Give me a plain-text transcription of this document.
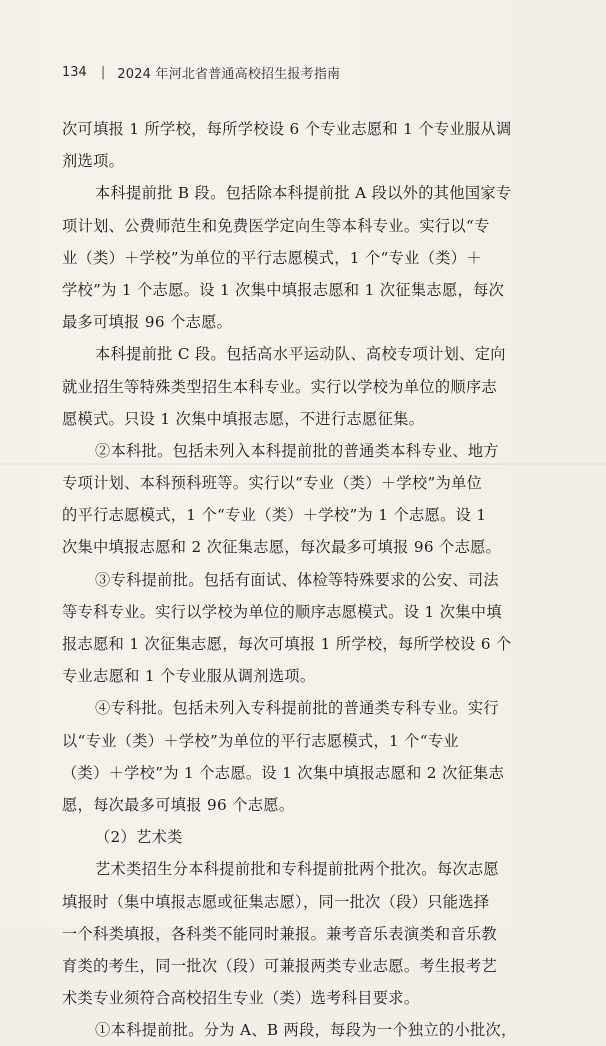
134 | 2024 年河北省普通高校招生报考指南
次可填报 1 所学校，每所学校设 6 个专业志愿和 1 个专业服从调
剂选项。
本科提前批 B 段。包括除本科提前批 A 段以外的其他国家专
项计划、公费师范生和免费医学定向生等本科专业。实行以“专
业（类）＋学校”为单位的平行志愿模式，1 个“专业（类）＋
学校”为 1 个志愿。设 1 次集中填报志愿和 1 次征集志愿，每次
最多可填报 96 个志愿。
本科提前批 C 段。包括高水平运动队、高校专项计划、定向
就业招生等特殊类型招生本科专业。实行以学校为单位的顺序志
愿模式。只设 1 次集中填报志愿，不进行志愿征集。
②本科批。包括未列入本科提前批的普通类本科专业、地方
专项计划、本科预科班等。实行以“专业（类）＋学校”为单位
的平行志愿模式，1 个“专业（类）＋学校”为 1 个志愿。设 1
次集中填报志愿和 2 次征集志愿，每次最多可填报 96 个志愿。
③专科提前批。包括有面试、体检等特殊要求的公安、司法
等专科专业。实行以学校为单位的顺序志愿模式。设 1 次集中填
报志愿和 1 次征集志愿，每次可填报 1 所学校，每所学校设 6 个
专业志愿和 1 个专业服从调剂选项。
④专科批。包括未列入专科提前批的普通类专科专业。实行
以“专业（类）＋学校”为单位的平行志愿模式，1 个“专业
（类）＋学校”为 1 个志愿。设 1 次集中填报志愿和 2 次征集志
愿，每次最多可填报 96 个志愿。
（2）艺术类
艺术类招生分本科提前批和专科提前批两个批次。每次志愿
填报时（集中填报志愿或征集志愿），同一批次（段）只能选择
一个科类填报，各科类不能同时兼报。兼考音乐表演类和音乐教
育类的考生，同一批次（段）可兼报两类专业志愿。考生报考艺
术类专业须符合高校招生专业（类）选考科目要求。
①本科提前批。分为 A、B 两段，每段为一个独立的小批次，
